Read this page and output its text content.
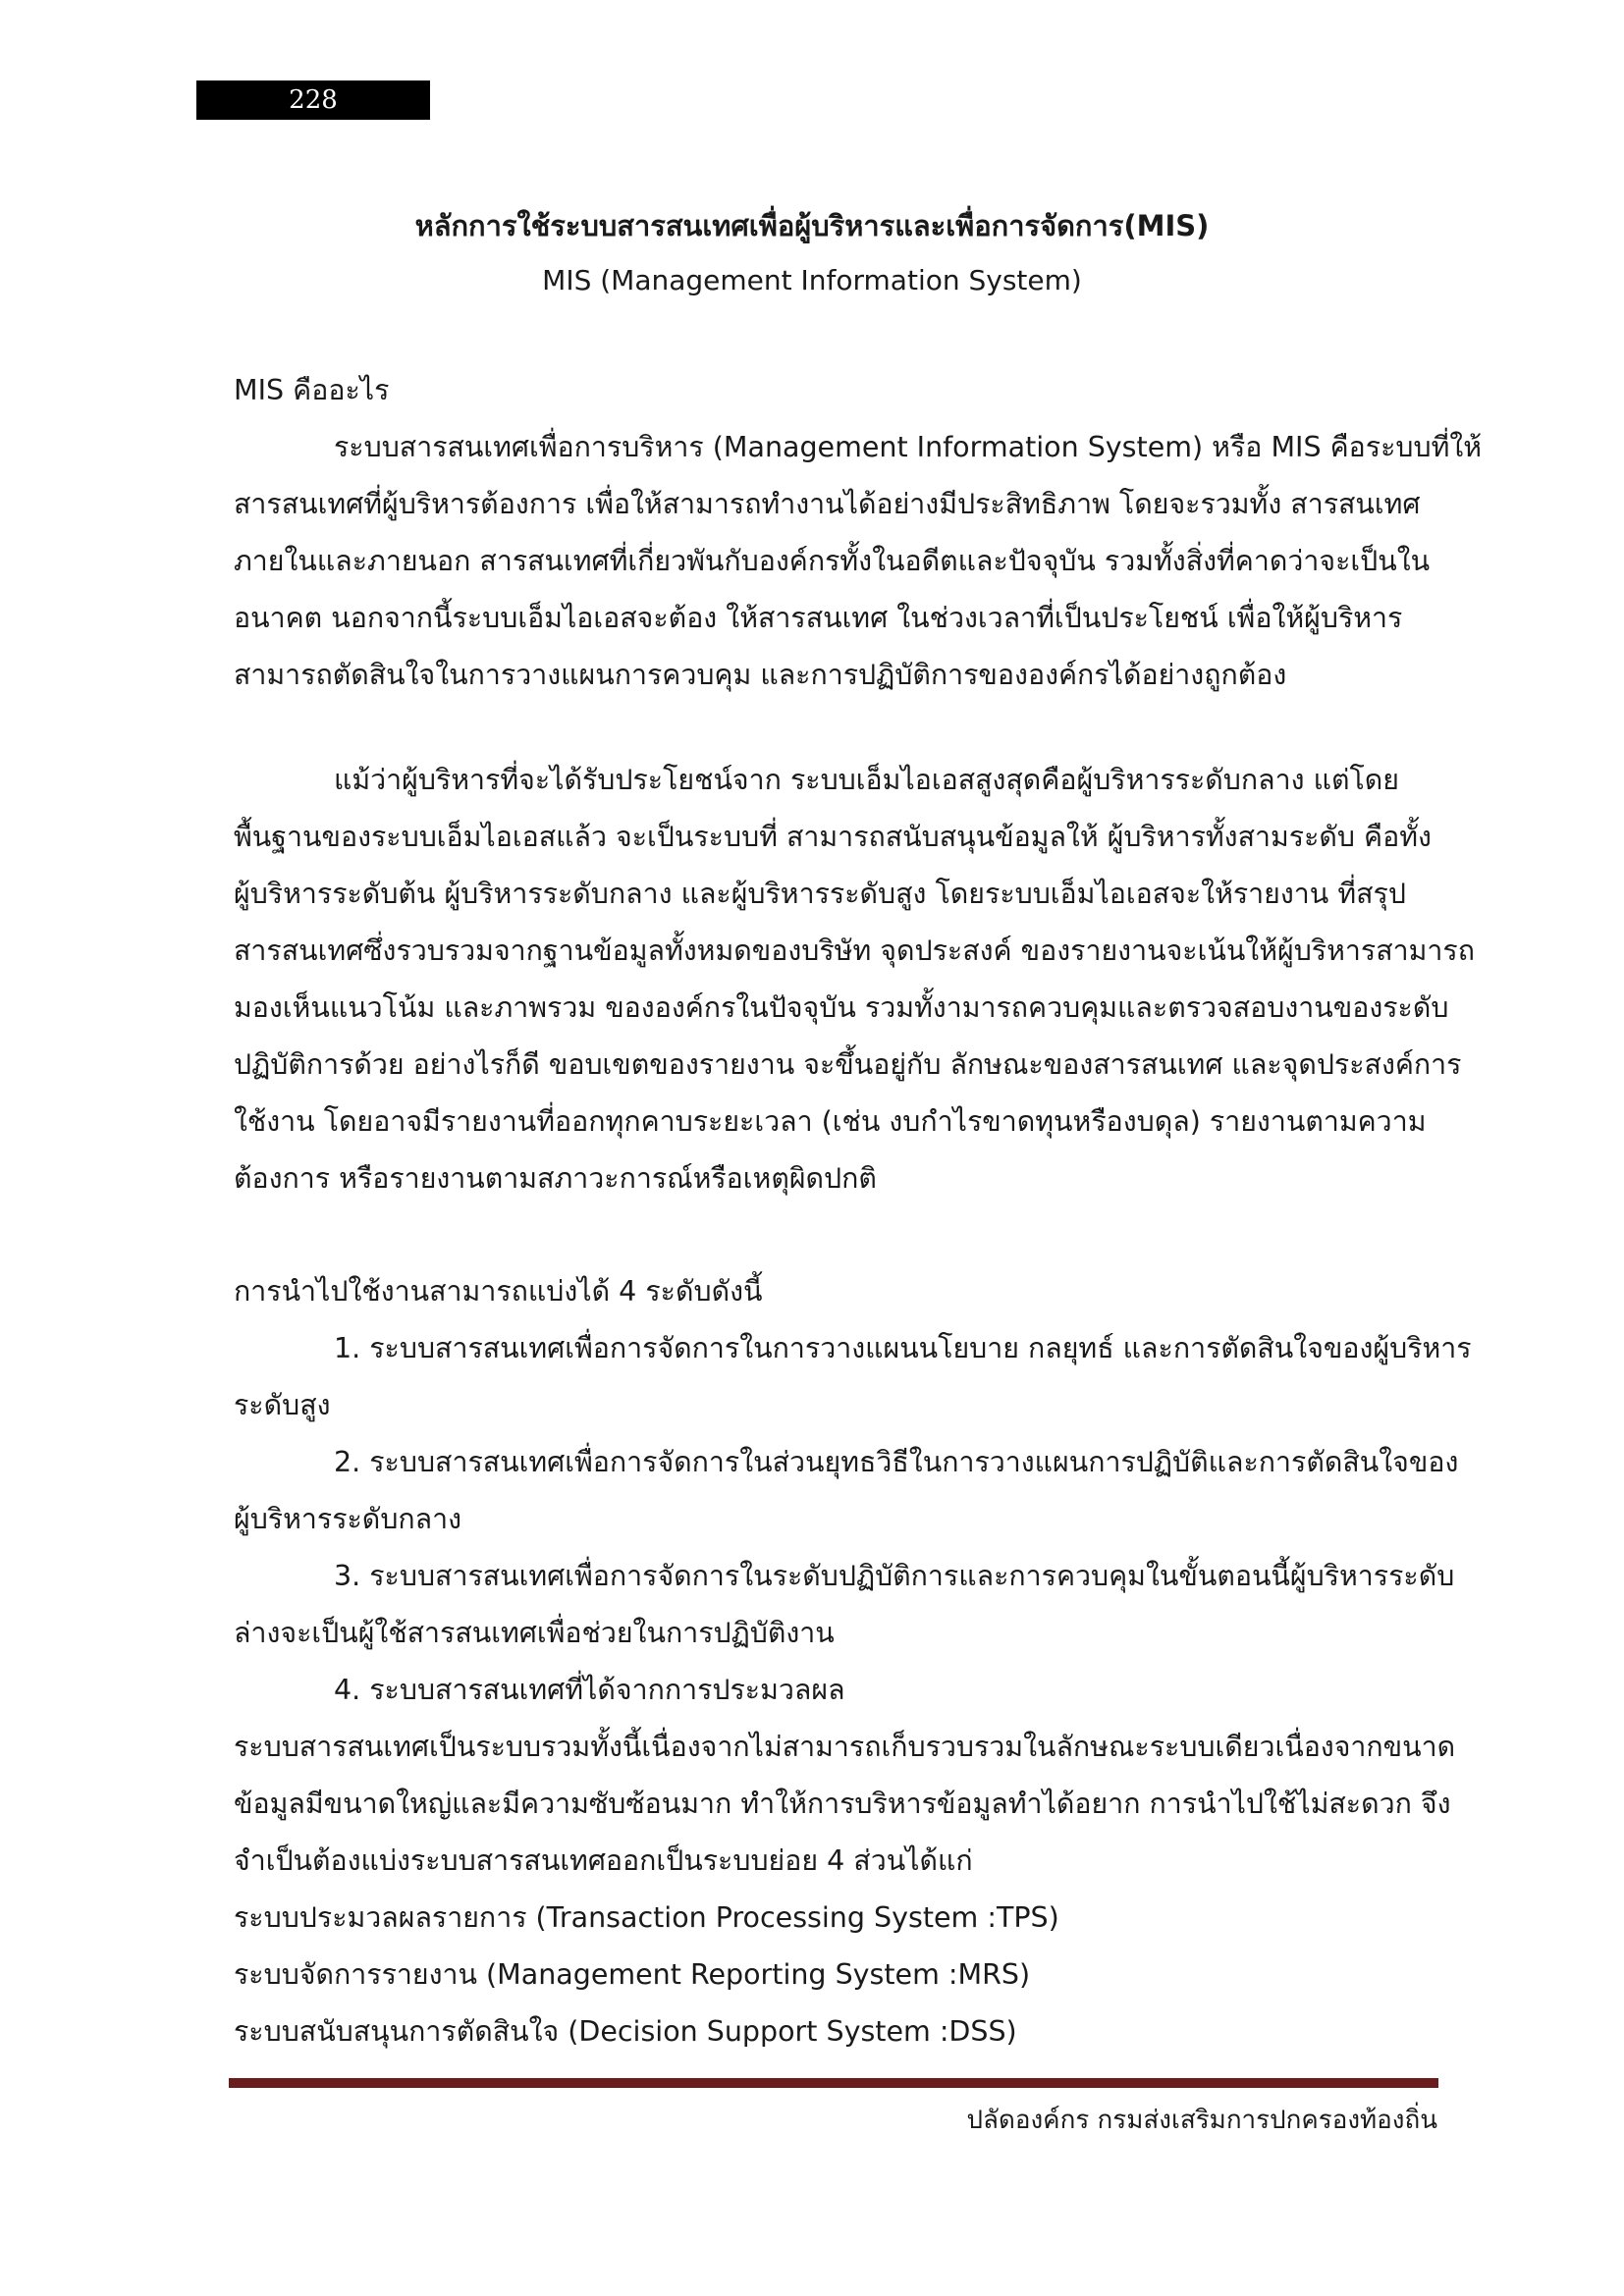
228
หลักการใช้ระบบสารสนเทศเพื่อผู้บริหารและเพื่อการจัดการ(MIS)
MIS (Management Information System)
MIS คืออะไร
ระบบสารสนเทศเพื่อการบริหาร (Management Information System) หรือ MIS คือระบบที่ให้
สารสนเทศที่ผู้บริหารต้องการ เพื่อให้สามารถทำงานได้อย่างมีประสิทธิภาพ โดยจะรวมทั้ง สารสนเทศ
ภายในและภายนอก สารสนเทศที่เกี่ยวพันกับองค์กรทั้งในอดีตและปัจจุบัน รวมทั้งสิ่งที่คาดว่าจะเป็นใน
อนาคต นอกจากนี้ระบบเอ็มไอเอสจะต้อง ให้สารสนเทศ ในช่วงเวลาที่เป็นประโยชน์ เพื่อให้ผู้บริหาร
สามารถตัดสินใจในการวางแผนการควบคุม และการปฏิบัติการขององค์กรได้อย่างถูกต้อง
แม้ว่าผู้บริหารที่จะได้รับประโยชน์จาก ระบบเอ็มไอเอสสูงสุดคือผู้บริหารระดับกลาง แต่โดย
พื้นฐานของระบบเอ็มไอเอสแล้ว จะเป็นระบบที่ สามารถสนับสนุนข้อมูลให้ ผู้บริหารทั้งสามระดับ คือทั้ง
ผู้บริหารระดับต้น ผู้บริหารระดับกลาง และผู้บริหารระดับสูง โดยระบบเอ็มไอเอสจะให้รายงาน ที่สรุป
สารสนเทศซึ่งรวบรวมจากฐานข้อมูลทั้งหมดของบริษัท จุดประสงค์ ของรายงานจะเน้นให้ผู้บริหารสามารถ
มองเห็นแนวโน้ม และภาพรวม ขององค์กรในปัจจุบัน รวมทั้งามารถควบคุมและตรวจสอบงานของระดับ
ปฏิบัติการด้วย อย่างไรก็ดี ขอบเขตของรายงาน จะขึ้นอยู่กับ ลักษณะของสารสนเทศ และจุดประสงค์การ
ใช้งาน โดยอาจมีรายงานที่ออกทุกคาบระยะเวลา (เช่น งบกำไรขาดทุนหรืองบดุล) รายงานตามความ
ต้องการ หรือรายงานตามสภาวะการณ์หรือเหตุผิดปกติ
การนำไปใช้งานสามารถแบ่งได้ 4 ระดับดังนี้
1. ระบบสารสนเทศเพื่อการจัดการในการวางแผนนโยบาย กลยุทธ์ และการตัดสินใจของผู้บริหาร
ระดับสูง
2. ระบบสารสนเทศเพื่อการจัดการในส่วนยุทธวิธีในการวางแผนการปฏิบัติและการตัดสินใจของ
ผู้บริหารระดับกลาง
3. ระบบสารสนเทศเพื่อการจัดการในระดับปฏิบัติการและการควบคุมในขั้นตอนนี้ผู้บริหารระดับ
ล่างจะเป็นผู้ใช้สารสนเทศเพื่อช่วยในการปฏิบัติงาน
4. ระบบสารสนเทศที่ได้จากการประมวลผล
ระบบสารสนเทศเป็นระบบรวมทั้งนี้เนื่องจากไม่สามารถเก็บรวบรวมในลักษณะระบบเดียวเนื่องจากขนาด
ข้อมูลมีขนาดใหญ่และมีความซับซ้อนมาก ทำให้การบริหารข้อมูลทำได้อยาก การนำไปใช้ไม่สะดวก จึง
จำเป็นต้องแบ่งระบบสารสนเทศออกเป็นระบบย่อย 4 ส่วนได้แก่
ระบบประมวลผลรายการ (Transaction Processing System :TPS)
ระบบจัดการรายงาน (Management Reporting System :MRS)
ระบบสนับสนุนการตัดสินใจ (Decision Support System :DSS)
ปลัดองค์กร กรมส่งเสริมการปกครองท้องถิ่น
